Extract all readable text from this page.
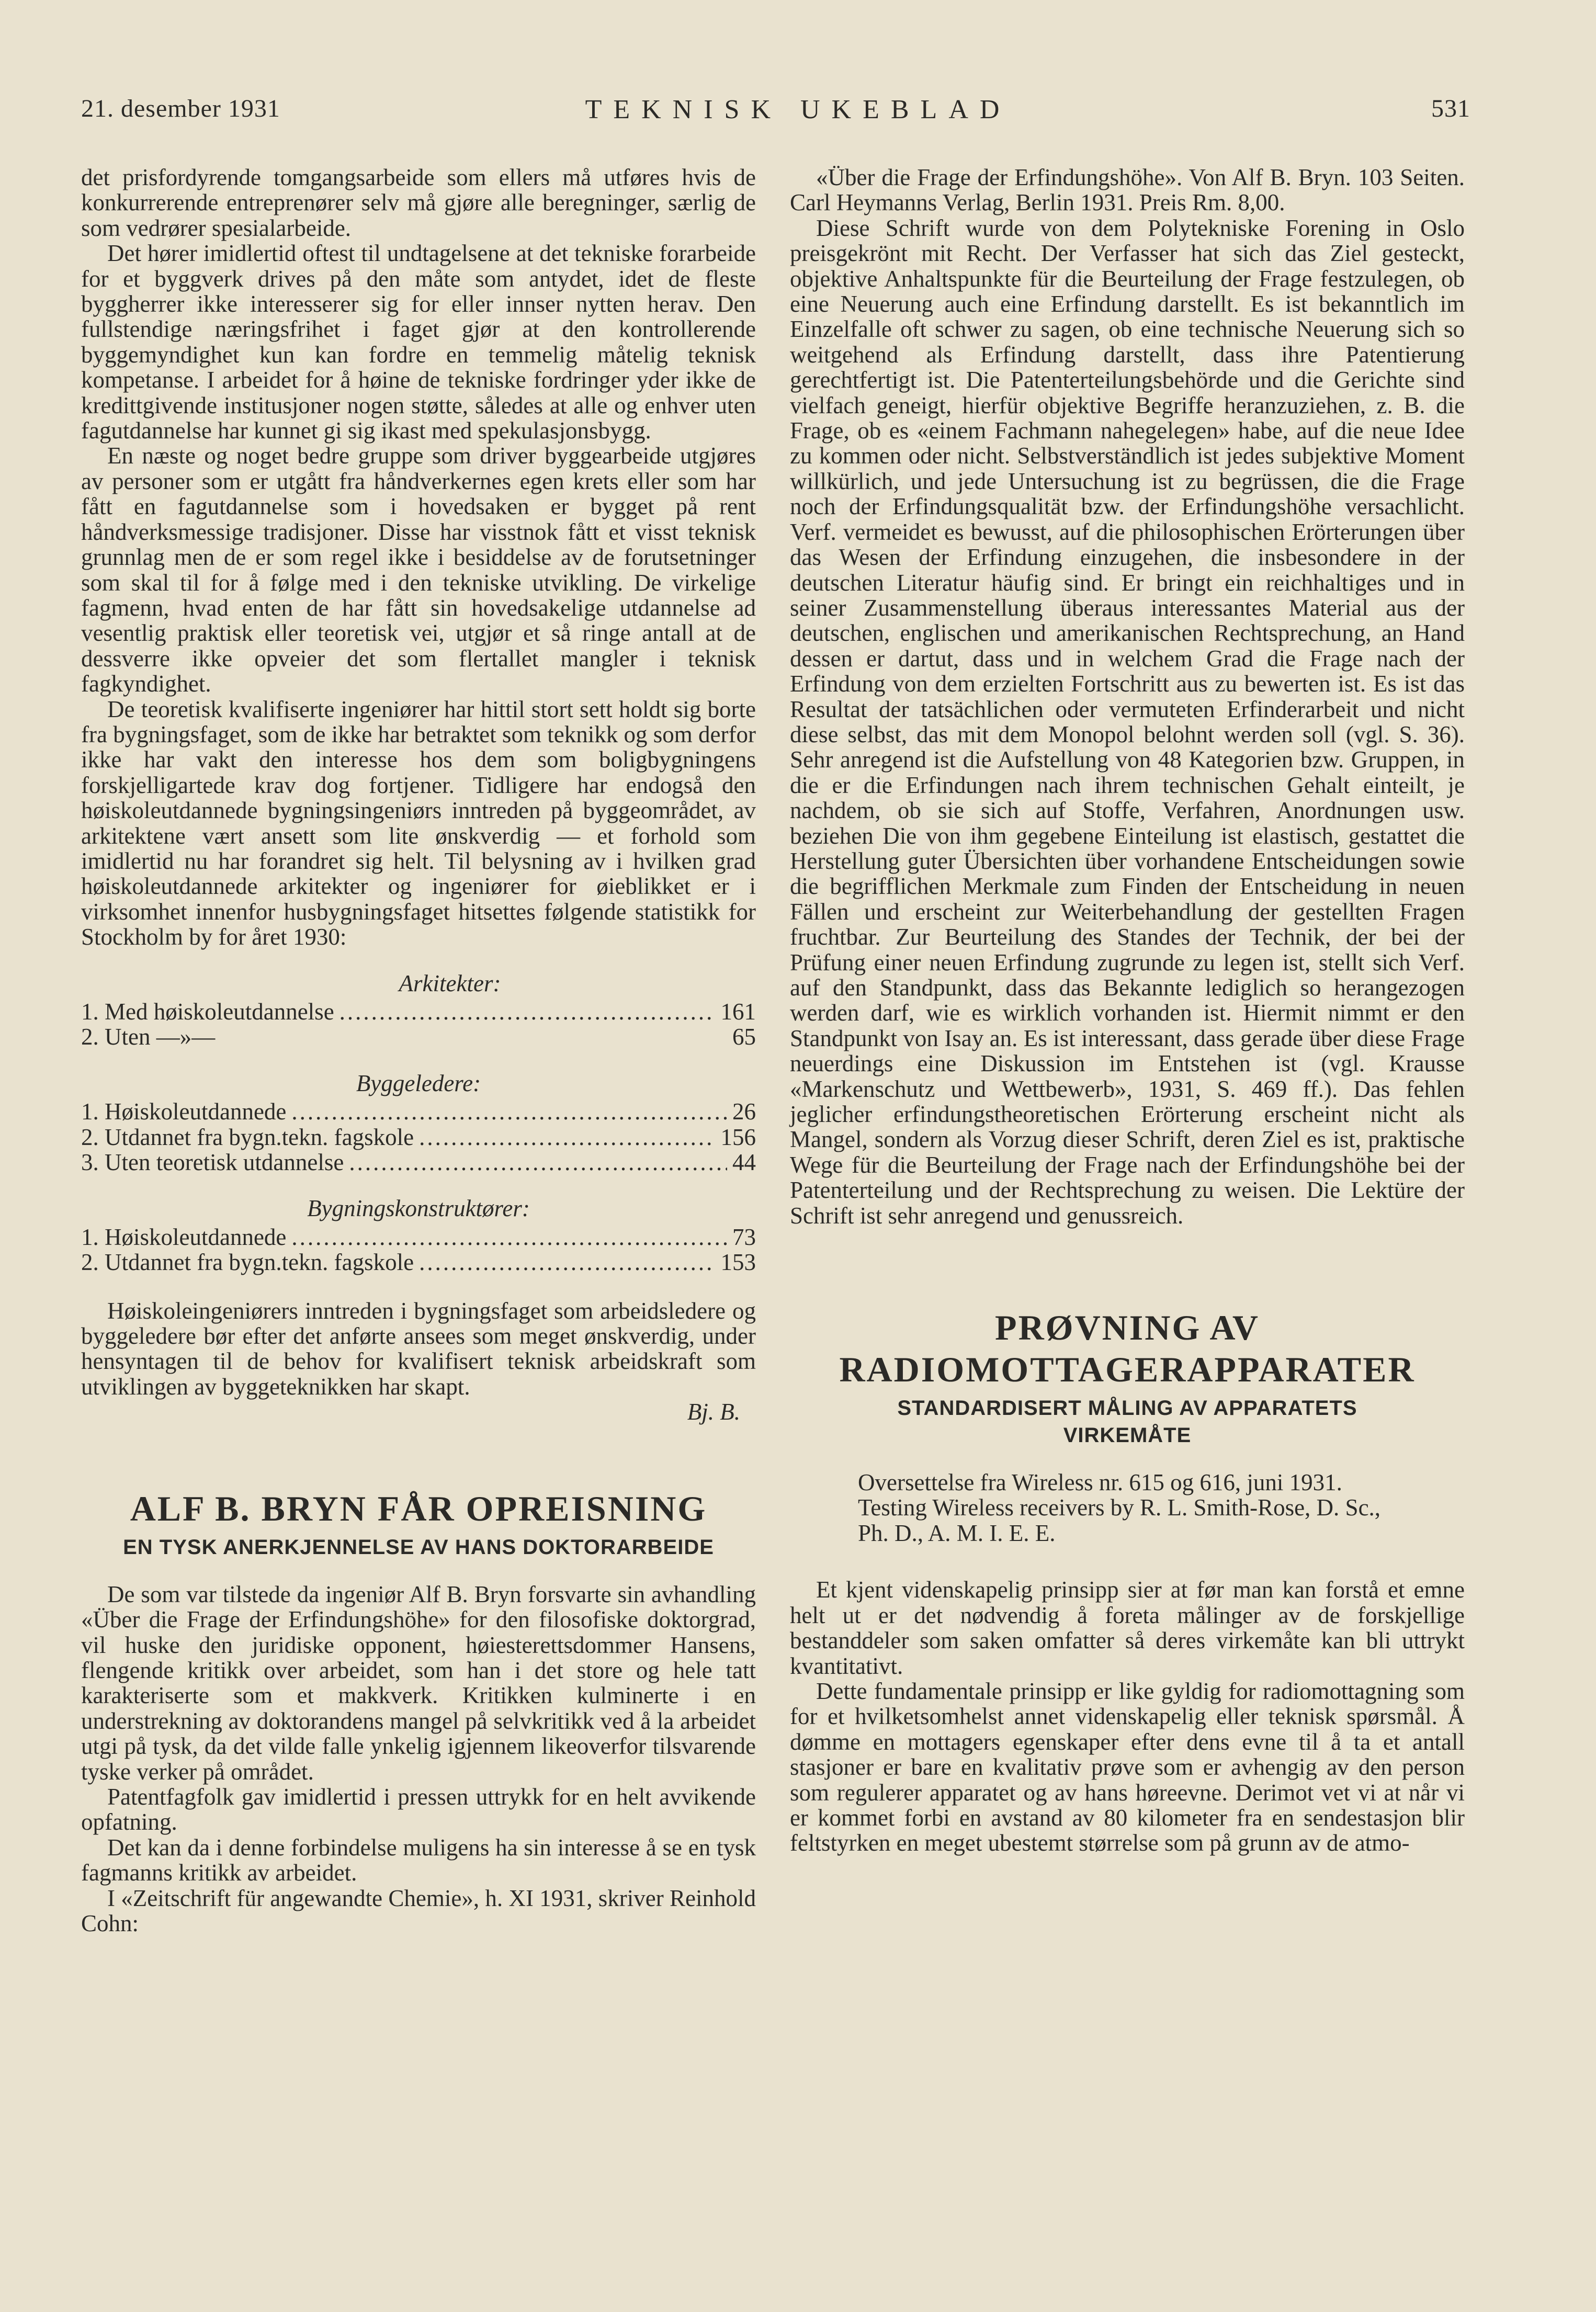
21. desember 1931	TEKNISK UKEBLAD	531

det prisfordyrende tomgangsarbeide som ellers må utføres hvis de konkurrerende entreprenører selv må gjøre alle beregninger, særlig de som vedrører spesialarbeide.

Det hører imidlertid oftest til undtagelsene at det tekniske forarbeide for et byggverk drives på den måte som antydet, idet de fleste byggherrer ikke interesserer sig for eller innser nytten herav. Den fullstendige næringsfrihet i faget gjør at den kontrollerende byggemyndighet kun kan fordre en temmelig måtelig teknisk kompetanse. I arbeidet for å høine de tekniske fordringer yder ikke de kredittgivende institusjoner nogen støtte, således at alle og enhver uten fagutdannelse har kunnet gi sig ikast med spekulasjonsbygg.

En næste og noget bedre gruppe som driver byggearbeide utgjøres av personer som er utgått fra håndverkernes egen krets eller som har fått en fagutdannelse som i hovedsaken er bygget på rent håndverksmessige tradisjoner. Disse har visstnok fått et visst teknisk grunnlag men de er som regel ikke i besiddelse av de forutsetninger som skal til for å følge med i den tekniske utvikling. De virkelige fagmenn, hvad enten de har fått sin hovedsakelige utdannelse ad vesentlig praktisk eller teoretisk vei, utgjør et så ringe antall at de dessverre ikke opveier det som flertallet mangler i teknisk fagkyndighet.

De teoretisk kvalifiserte ingeniører har hittil stort sett holdt sig borte fra bygningsfaget, som de ikke har betraktet som teknikk og som derfor ikke har vakt den interesse hos dem som boligbygningens forskjelligartede krav dog fortjener. Tidligere har endogså den høiskoleutdannede bygningsingeniørs inntreden på byggeområdet, av arkitektene vært ansett som lite ønskverdig — et forhold som imidlertid nu har forandret sig helt. Til belysning av i hvilken grad høiskoleutdannede arkitekter og ingeniører for øieblikket er i virksomhet innenfor husbygningsfaget hitsettes følgende statistikk for Stockholm by for året 1930:

Arkitekter:
1. Med høiskoleutdannelse .....	161
2. Uten —»—	65
Byggeledere:
1. Høiskoleutdannede .....	26
2. Utdannet fra bygn.tekn. fagskole .....	156
3. Uten teoretisk utdannelse .....	44
Bygningskonstruktører:
1. Høiskoleutdannede .....	73
2. Utdannet fra bygn.tekn. fagskole .....	153

Høiskoleingeniørers inntreden i bygningsfaget som arbeidsledere og byggeledere bør efter det anførte ansees som meget ønskverdig, under hensyntagen til de behov for kvalifisert teknisk arbeidskraft som utviklingen av byggeteknikken har skapt.

Bj. B.
ALF B. BRYN FÅR OPREISNING
EN TYSK ANERKJENNELSE AV HANS DOKTORARBEIDE

De som var tilstede da ingeniør Alf B. Bryn forsvarte sin avhandling «Über die Frage der Erfindungshöhe» for den filosofiske doktorgrad, vil huske den juridiske opponent, høiesterettsdommer Hansens, flengende kritikk over arbeidet, som han i det store og hele tatt karakteriserte som et makkverk. Kritikken kulminerte i en understrekning av doktorandens mangel på selvkritikk ved å la arbeidet utgi på tysk, da det vilde falle ynkelig igjennem likeoverfor tilsvarende tyske verker på området.

Patentfagfolk gav imidlertid i pressen uttrykk for en helt avvikende opfatning.

Det kan da i denne forbindelse muligens ha sin interesse å se en tysk fagmanns kritikk av arbeidet.

I «Zeitschrift für angewandte Chemie», h. XI 1931, skriver Reinhold Cohn:

«Über die Frage der Erfindungshöhe». Von Alf B. Bryn. 103 Seiten. Carl Heymanns Verlag, Berlin 1931. Preis Rm. 8,00.

Diese Schrift wurde von dem Polytekniske Forening in Oslo preisgekrönt mit Recht. Der Verfasser hat sich das Ziel gesteckt, objektive Anhaltspunkte für die Beurteilung der Frage festzulegen, ob eine Neuerung auch eine Erfindung darstellt. Es ist bekanntlich im Einzelfalle oft schwer zu sagen, ob eine technische Neuerung sich so weitgehend als Erfindung darstellt, dass ihre Patentierung gerechtfertigt ist. Die Patenterteilungsbehörde und die Gerichte sind vielfach geneigt, hierfür objektive Begriffe heranzuziehen, z. B. die Frage, ob es «einem Fachmann nahegelegen» habe, auf die neue Idee zu kommen oder nicht. Selbstverständlich ist jedes subjektive Moment willkürlich, und jede Untersuchung ist zu begrüssen, die die Frage noch der Erfindungsqualität bzw. der Erfindungshöhe versachlicht. Verf. vermeidet es bewusst, auf die philosophischen Erörterungen über das Wesen der Erfindung einzugehen, die insbesondere in der deutschen Literatur häufig sind. Er bringt ein reichhaltiges und in seiner Zusammenstellung überaus interessantes Material aus der deutschen, englischen und amerikanischen Rechtsprechung, an Hand dessen er dartut, dass und in welchem Grad die Frage nach der Erfindung von dem erzielten Fortschritt aus zu bewerten ist. Es ist das Resultat der tatsächlichen oder vermuteten Erfinderarbeit und nicht diese selbst, das mit dem Monopol belohnt werden soll (vgl. S. 36). Sehr anregend ist die Aufstellung von 48 Kategorien bzw. Gruppen, in die er die Erfindungen nach ihrem technischen Gehalt einteilt, je nachdem, ob sie sich auf Stoffe, Verfahren, Anordnungen usw. beziehen Die von ihm gegebene Einteilung ist elastisch, gestattet die Herstellung guter Übersichten über vorhandene Entscheidungen sowie die begrifflichen Merkmale zum Finden der Entscheidung in neuen Fällen und erscheint zur Weiterbehandlung der gestellten Fragen fruchtbar. Zur Beurteilung des Standes der Technik, der bei der Prüfung einer neuen Erfindung zugrunde zu legen ist, stellt sich Verf. auf den Standpunkt, dass das Bekannte lediglich so herangezogen werden darf, wie es wirklich vorhanden ist. Hiermit nimmt er den Standpunkt von Isay an. Es ist interessant, dass gerade über diese Frage neuerdings eine Diskussion im Entstehen ist (vgl. Krausse «Markenschutz und Wettbewerb», 1931, S. 469 ff.). Das fehlen jeglicher erfindungstheoretischen Erörterung erscheint nicht als Mangel, sondern als Vorzug dieser Schrift, deren Ziel es ist, praktische Wege für die Beurteilung der Frage nach der Erfindungshöhe bei der Patenterteilung und der Rechtsprechung zu weisen. Die Lektüre der Schrift ist sehr anregend und genussreich.

PRØVNING AV
RADIOMOTTAGERAPPARATER
STANDARDISERT MÅLING AV APPARATETS VIRKEMÅTE
Oversettelse fra Wireless nr. 615 og 616, juni 1931.
Testing Wireless receivers by R. L. Smith-Rose, D. Sc.,
Ph. D., A. M. I. E. E.

Et kjent videnskapelig prinsipp sier at før man kan forstå et emne helt ut er det nødvendig å foreta målinger av de forskjellige bestanddeler som saken omfatter så deres virkemåte kan bli uttrykt kvantitativt.

Dette fundamentale prinsipp er like gyldig for radiomottagning som for et hvilketsomhelst annet videnskapelig eller teknisk spørsmål. Å dømme en mottagers egenskaper efter dens evne til å ta et antall stasjoner er bare en kvalitativ prøve som er avhengig av den person som regulerer apparatet og av hans høreevne. Derimot vet vi at når vi er kommet forbi en avstand av 80 kilometer fra en sendestasjon blir feltstyrken en meget ubestemt størrelse som på grunn av de atmo-
